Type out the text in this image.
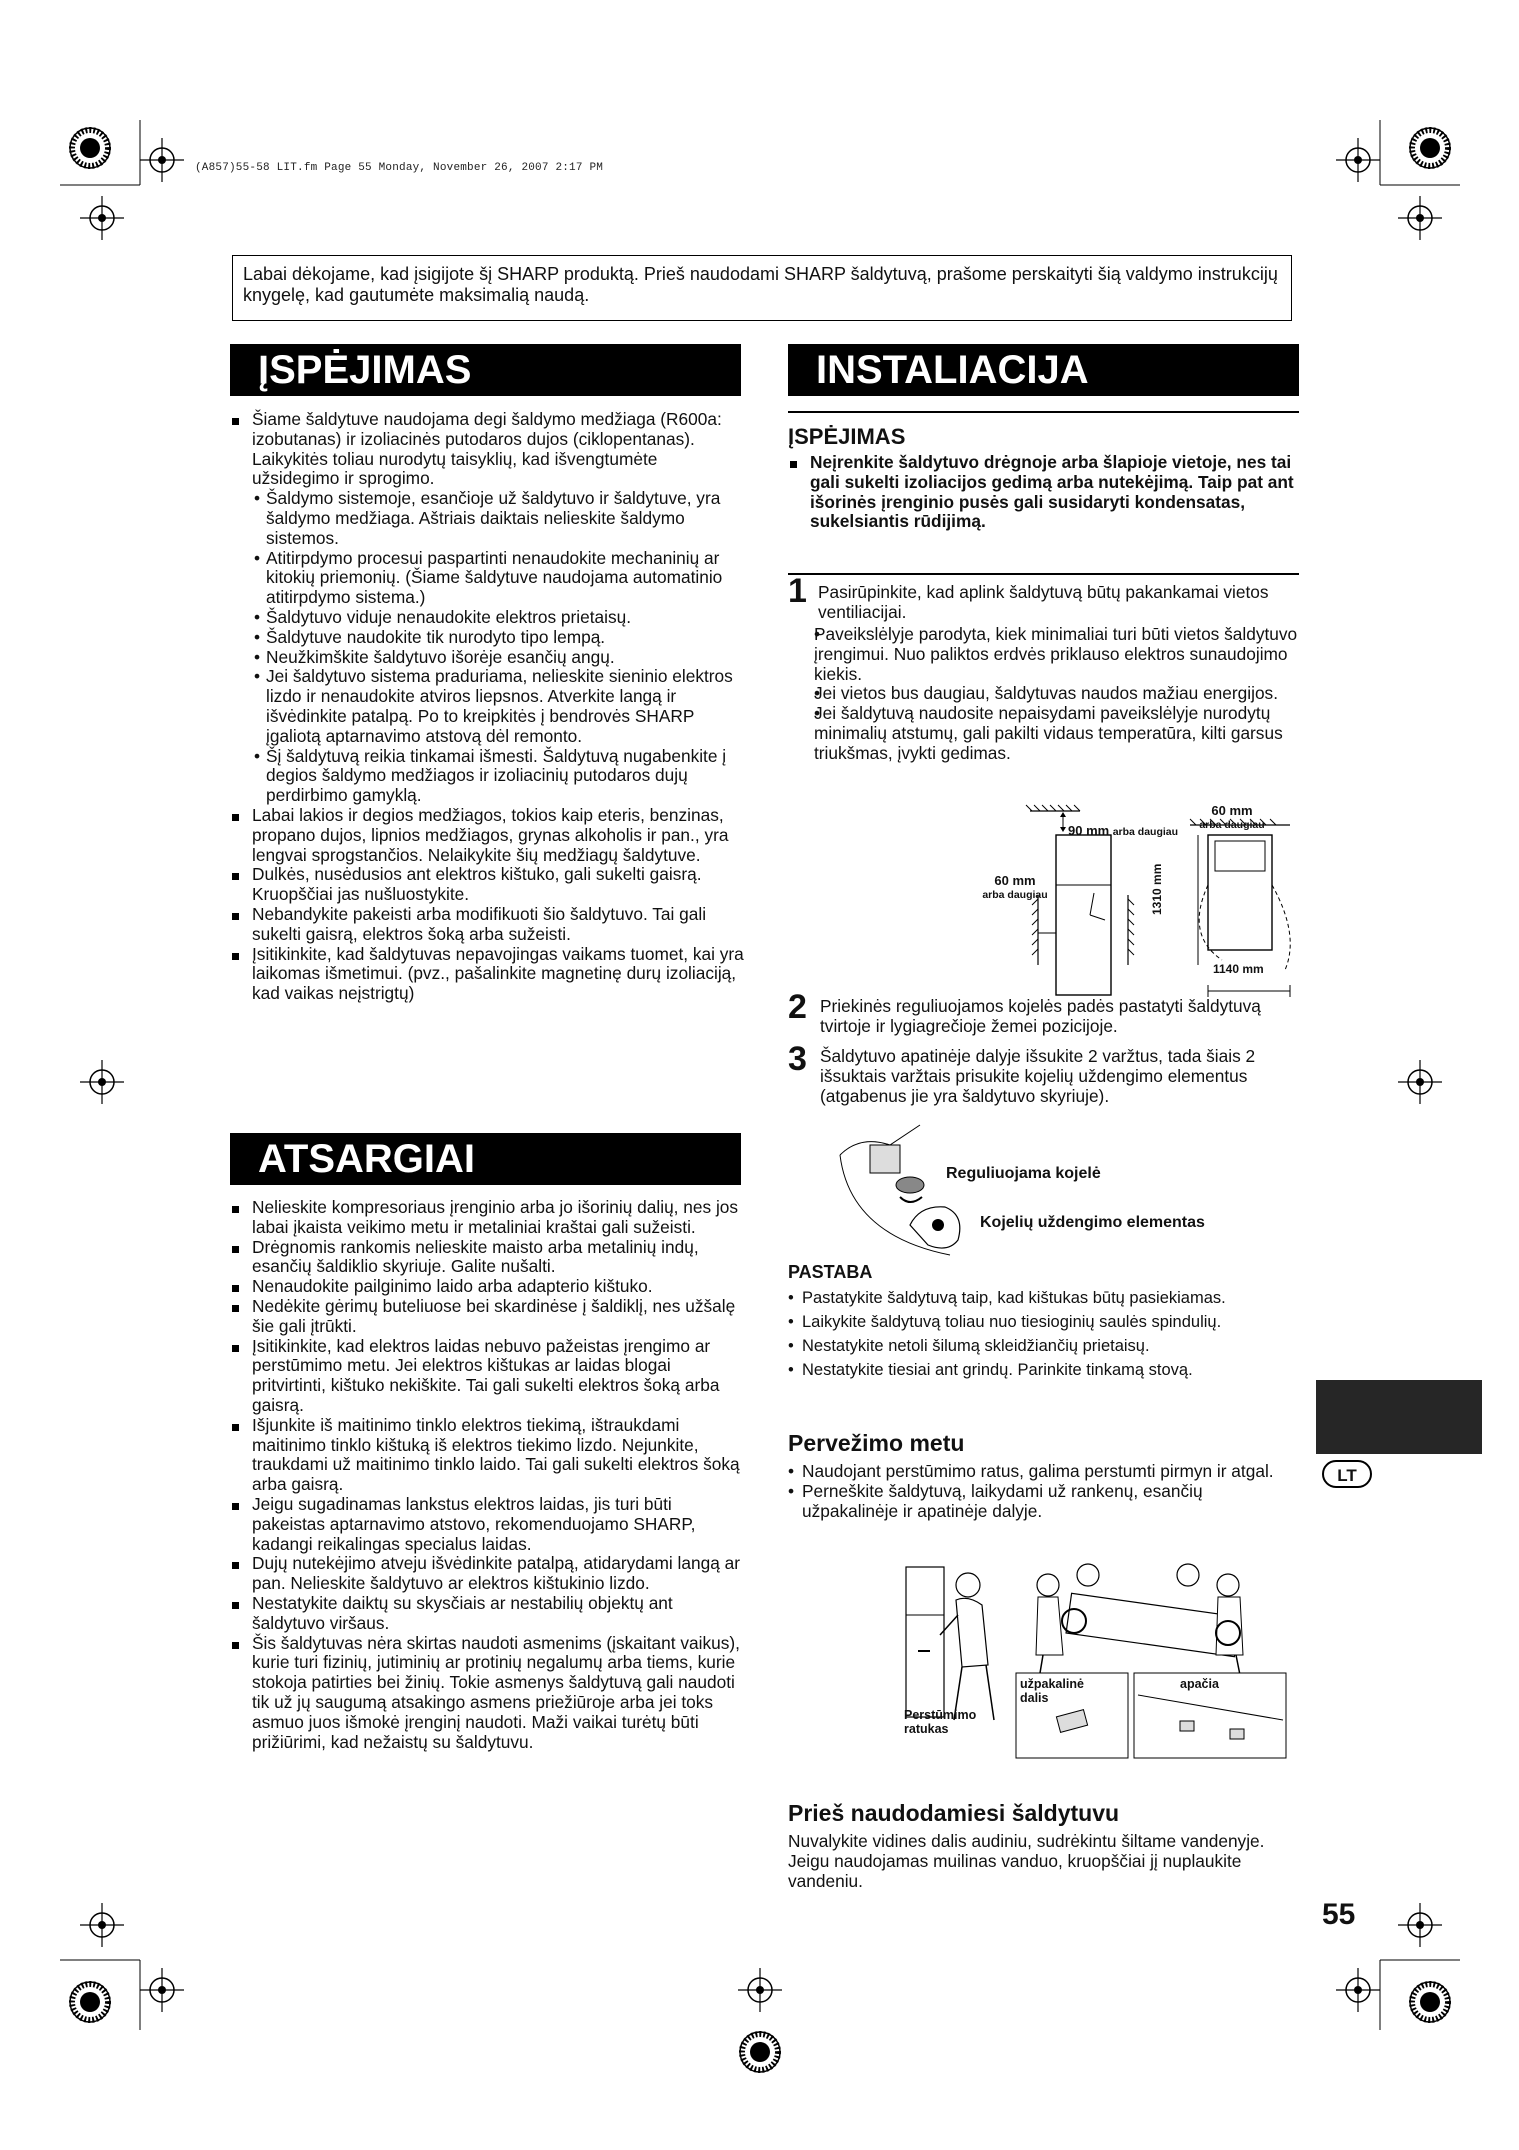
(A857)55-58 LIT.fm Page 55 Monday, November 26, 2007 2:17 PM
Labai dėkojame, kad įsigijote šį SHARP produktą. Prieš naudodami SHARP šaldytuvą, prašome perskaityti šią valdymo instrukcijų knygelę, kad gautumėte maksimalią naudą.
ĮSPĖJIMAS

Šiame šaldytuve naudojama degi šaldymo medžiaga (R600a: izobutanas) ir izoliacinės putodaros dujos (ciklopentanas). Laikykitės toliau nurodytų taisyklių, kad išvengtumėte užsidegimo ir sprogimo.

• Šaldymo sistemoje, esančioje už šaldytuvo ir šaldytuve, yra šaldymo medžiaga. Aštriais daiktais nelieskite šaldymo sistemos.

• Atitirpdymo procesui paspartinti nenaudokite mechaninių ar kitokių priemonių. (Šiame šaldytuve naudojama automatinio atitirpdymo sistema.)

• Šaldytuvo viduje nenaudokite elektros prietaisų.

• Šaldytuve naudokite tik nurodyto tipo lempą.

• Neužkimškite šaldytuvo išorėje esančių angų.

• Jei šaldytuvo sistema praduriama, nelieskite sieninio elektros lizdo ir nenaudokite atviros liepsnos. Atverkite langą ir išvėdinkite patalpą. Po to kreipkitės į bendrovės SHARP įgaliotą aptarnavimo atstovą dėl remonto.

• Šį šaldytuvą reikia tinkamai išmesti. Šaldytuvą nugabenkite į degios šaldymo medžiagos ir izoliacinių putodaros dujų perdirbimo gamyklą.

Labai lakios ir degios medžiagos, tokios kaip eteris, benzinas, propano dujos, lipnios medžiagos, grynas alkoholis ir pan., yra lengvai sprogstančios. Nelaikykite šių medžiagų šaldytuve.

Dulkės, nusėdusios ant elektros kištuko, gali sukelti gaisrą. Kruopščiai jas nušluostykite.

Nebandykite pakeisti arba modifikuoti šio šaldytuvo. Tai gali sukelti gaisrą, elektros šoką arba sužeisti.

Įsitikinkite, kad šaldytuvas nepavojingas vaikams tuomet, kai yra laikomas išmetimui. (pvz., pašalinkite magnetinę durų izoliaciją, kad vaikas neįstrigtų)

ATSARGIAI

Nelieskite kompresoriaus įrenginio arba jo išorinių dalių, nes jos labai įkaista veikimo metu ir metaliniai kraštai gali sužeisti.

Drėgnomis rankomis nelieskite maisto arba metalinių indų, esančių šaldiklio skyriuje. Galite nušalti.

Nenaudokite pailginimo laido arba adapterio kištuko.

Nedėkite gėrimų buteliuose bei skardinėse į šaldiklį, nes užšalę šie gali įtrūkti.

Įsitikinkite, kad elektros laidas nebuvo pažeistas įrengimo ar perstūmimo metu. Jei elektros kištukas ar laidas blogai pritvirtinti, kištuko nekiškite. Tai gali sukelti elektros šoką arba gaisrą.

Išjunkite iš maitinimo tinklo elektros tiekimą, ištraukdami maitinimo tinklo kištuką iš elektros tiekimo lizdo. Nejunkite, traukdami už maitinimo tinklo laido. Tai gali sukelti elektros šoką arba gaisrą.

Jeigu sugadinamas lankstus elektros laidas, jis turi būti pakeistas aptarnavimo atstovo, rekomenduojamo SHARP, kadangi reikalingas specialus laidas.

Dujų nutekėjimo atveju išvėdinkite patalpą, atidarydami langą ar pan. Nelieskite šaldytuvo ar elektros kištukinio lizdo.

Nestatykite daiktų su skysčiais ar nestabilių objektų ant šaldytuvo viršaus.

Šis šaldytuvas nėra skirtas naudoti asmenims (įskaitant vaikus), kurie turi fizinių, jutiminių ar protinių negalumų arba tiems, kurie stokoja patirties bei žinių. Tokie asmenys šaldytuvą gali naudoti tik už jų saugumą atsakingo asmens priežiūroje arba jei toks asmuo juos išmokė įrenginį naudoti. Maži vaikai turėtų būti prižiūrimi, kad nežaistų su šaldytuvu.

INSTALIACIJA
ĮSPĖJIMAS

Neįrenkite šaldytuvo drėgnoje arba šlapioje vietoje, nes tai gali sukelti izoliacijos gedimą arba nutekėjimą. Taip pat ant išorinės įrenginio pusės gali susidaryti kondensatas, sukelsiantis rūdijimą.

1 Pasirūpinkite, kad aplink šaldytuvą būtų pakankamai vietos ventiliacijai.

• Paveikslėlyje parodyta, kiek minimaliai turi būti vietos šaldytuvo įrengimui. Nuo paliktos erdvės priklauso elektros sunaudojimo kiekis.

• Jei vietos bus daugiau, šaldytuvas naudos mažiau energijos.

• Jei šaldytuvą naudosite nepaisydami paveikslėlyje nurodytų minimalių atstumų, gali pakilti vidaus temperatūra, kilti garsus triukšmas, įvykti gedimas.

90 mm arba daugiau
60 mm
arba daugiau
60 mm
arba daugiau
1310 mm
1140 mm
2 Priekinės reguliuojamos kojelės padės pastatyti šaldytuvą tvirtoje ir lygiagrečioje žemei pozicijoje.
3 Šaldytuvo apatinėje dalyje išsukite 2 varžtus, tada šiais 2 išsuktais varžtais prisukite kojelių uždengimo elementus (atgabenus jie yra šaldytuvo skyriuje).
Reguliuojama kojelė
Kojelių uždengimo elementas
PASTABA

• Pastatykite šaldytuvą taip, kad kištukas būtų pasiekiamas.

• Laikykite šaldytuvą toliau nuo tiesioginių saulės spindulių.

• Nestatykite netoli šilumą skleidžiančių prietaisų.

• Nestatykite tiesiai ant grindų. Parinkite tinkamą stovą.

Pervežimo metu

• Naudojant perstūmimo ratus, galima perstumti pirmyn ir atgal.

• Perneškite šaldytuvą, laikydami už rankenų, esančių užpakalinėje ir apatinėje dalyje.

Perstūmimo ratukas
užpakalinė dalis
apačia
Prieš naudodamiesi šaldytuvu
Nuvalykite vidines dalis audiniu, sudrėkintu šiltame vandenyje. Jeigu naudojamas muilinas vanduo, kruopščiai jį nuplaukite vandeniu.
LT
55
